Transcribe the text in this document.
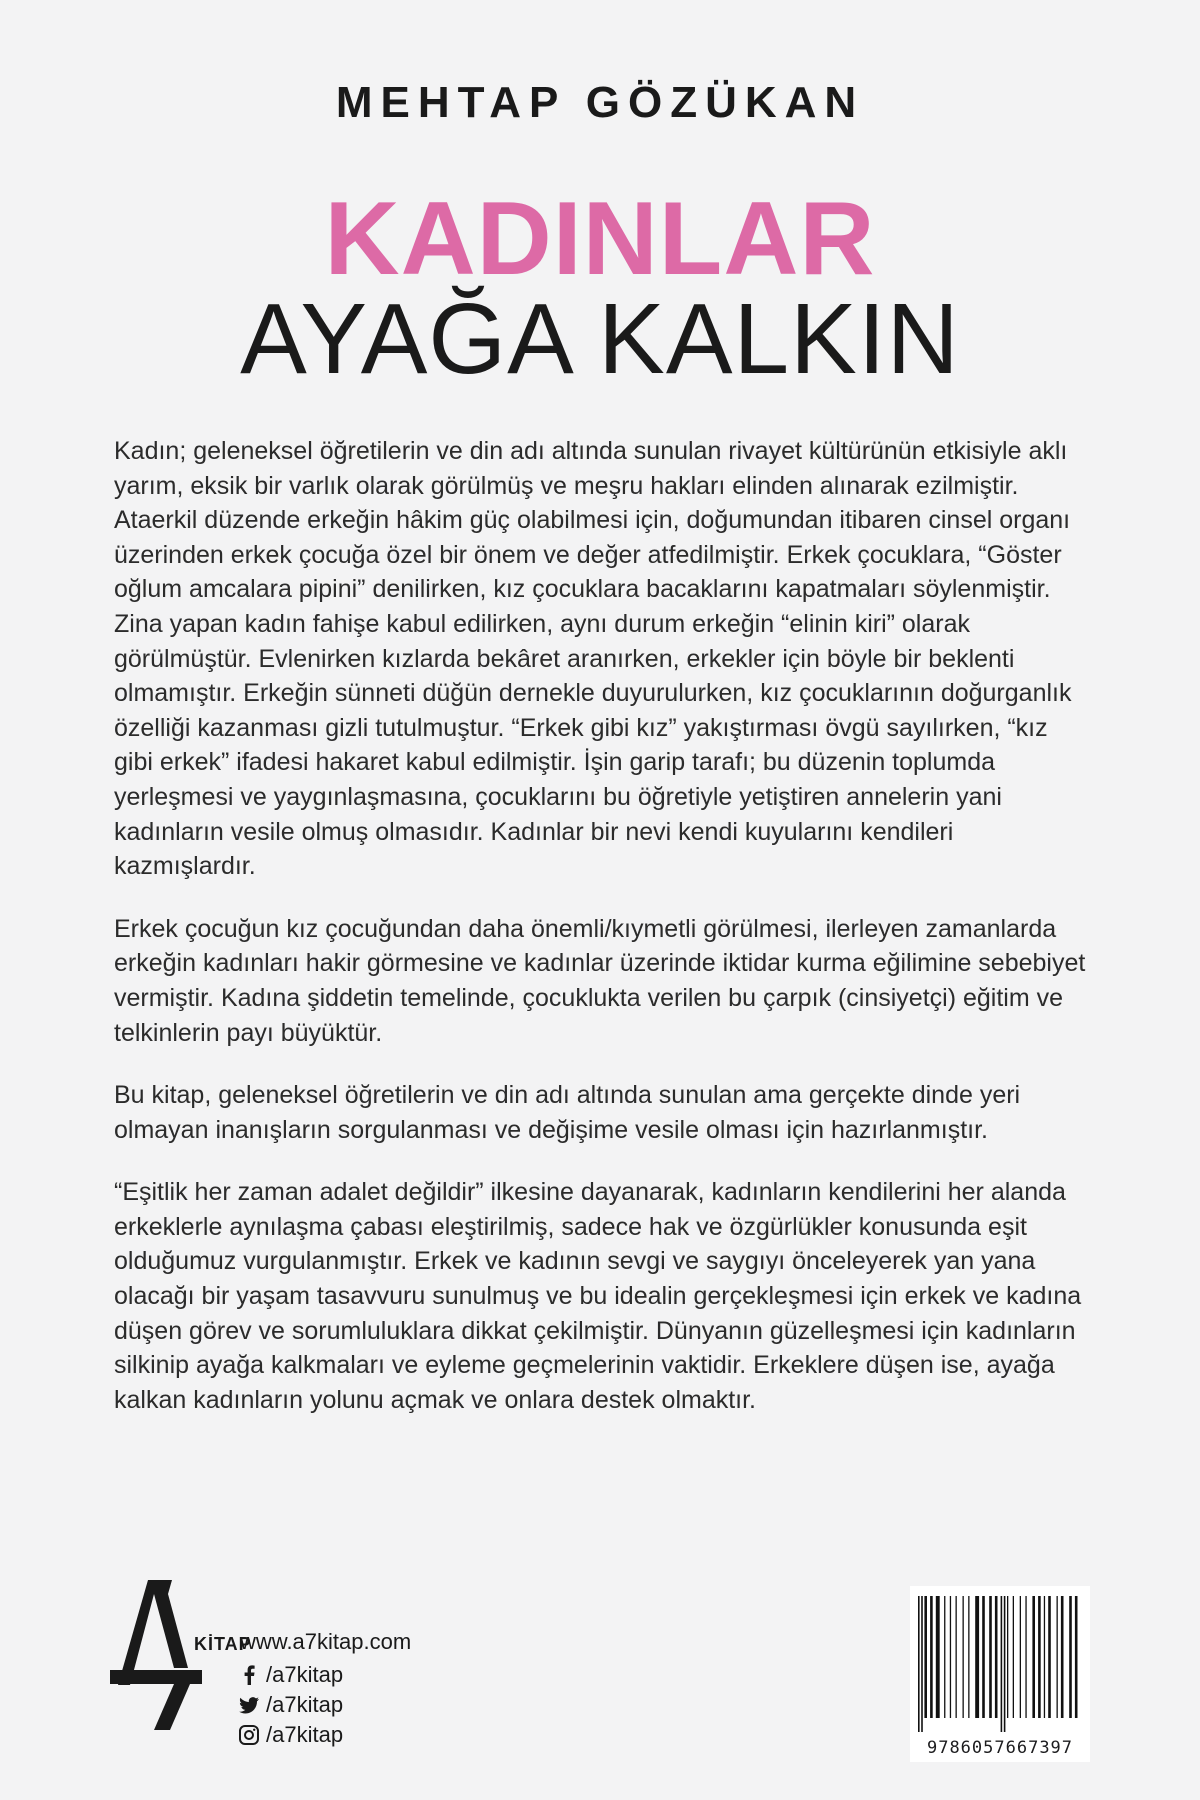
MEHTAP GÖZÜKAN
KADINLAR
AYAĞA KALKIN

Kadın; geleneksel öğretilerin ve din adı altında sunulan rivayet kültürünün etkisiyle aklı yarım, eksik bir varlık olarak görülmüş ve meşru hakları elinden alınarak ezilmiştir. Ataerkil düzende erkeğin hâkim güç olabilmesi için, doğumundan itibaren cinsel organı üzerinden erkek çocuğa özel bir önem ve değer atfedilmiştir. Erkek çocuklara, “Göster oğlum amcalara pipini” denilirken, kız çocuklara bacaklarını kapatmaları söylenmiştir. Zina yapan kadın fahişe kabul edilirken, aynı durum erkeğin “elinin kiri” olarak görülmüştür. Evlenirken kızlarda bekâret aranırken, erkekler için böyle bir beklenti olmamıştır. Erkeğin sünneti düğün dernekle duyurulurken, kız çocuklarının doğurganlık özelliği kazanması gizli tutulmuştur. “Erkek gibi kız” yakıştırması övgü sayılırken, “kız gibi erkek” ifadesi hakaret kabul edilmiştir. İşin garip tarafı; bu düzenin toplumda yerleşmesi ve yaygınlaşmasına, çocuklarını bu öğretiyle yetiştiren annelerin yani kadınların vesile olmuş olmasıdır. Kadınlar bir nevi kendi kuyularını kendileri kazmışlardır.

Erkek çocuğun kız çocuğundan daha önemli/kıymetli görülmesi, ilerleyen zamanlarda erkeğin kadınları hakir görmesine ve kadınlar üzerinde iktidar kurma eğilimine sebebiyet vermiştir. Kadına şiddetin temelinde, çocuklukta verilen bu çarpık (cinsiyetçi) eğitim ve telkinlerin payı büyüktür.

Bu kitap, geleneksel öğretilerin ve din adı altında sunulan ama gerçekte dinde yeri olmayan inanışların sorgulanması ve değişime vesile olması için hazırlanmıştır.

“Eşitlik her zaman adalet değildir” ilkesine dayanarak, kadınların kendilerini her alanda erkeklerle aynılaşma çabası eleştirilmiş, sadece hak ve özgürlükler konusunda eşit olduğumuz vurgulanmıştır. Erkek ve kadının sevgi ve saygıyı önceleyerek yan yana olacağı bir yaşam tasavvuru sunulmuş ve bu idealin gerçekleşmesi için erkek ve kadına düşen görev ve sorumluluklara dikkat çekilmiştir. Dünyanın güzelleşmesi için kadınların silkinip ayağa kalkmaları ve eyleme geçmelerinin vaktidir. Erkeklere düşen ise, ayağa kalkan kadınların yolunu açmak ve onlara destek olmaktır.

KİTAP
www.a7kitap.com
/a7kitap
/a7kitap
/a7kitap
9786057667397
